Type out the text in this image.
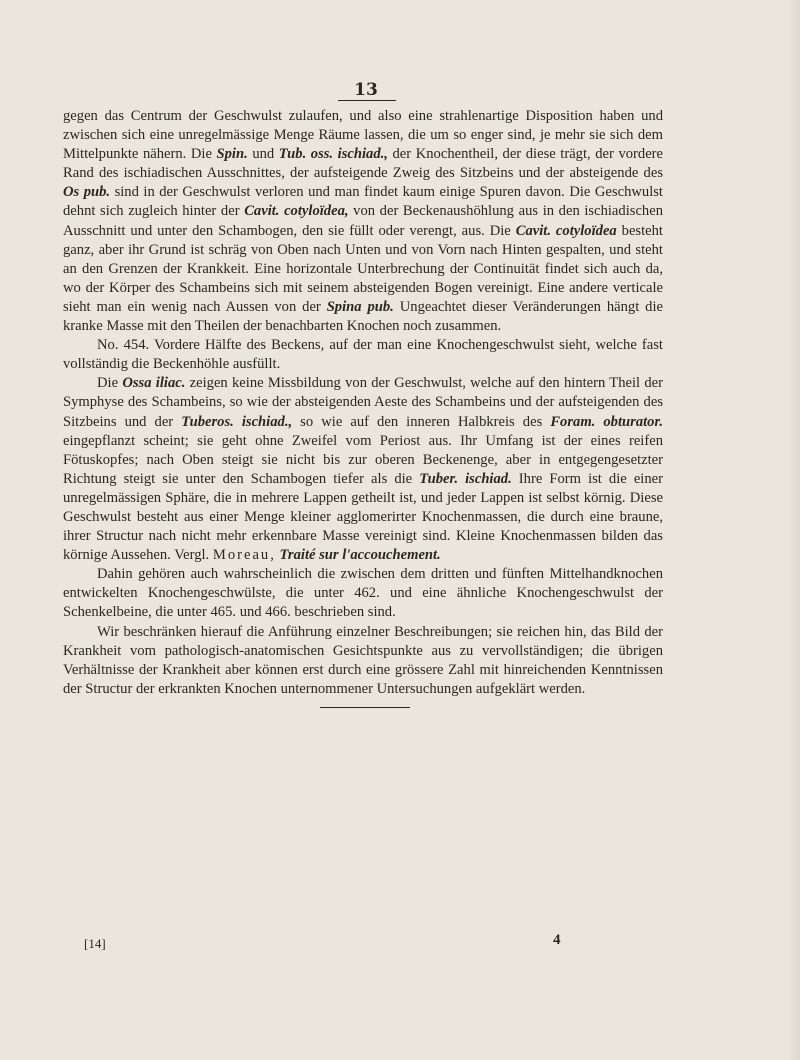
13

gegen das Centrum der Geschwulst zulaufen, und also eine strahlenartige Disposition haben und zwischen sich eine unregelmässige Menge Räume lassen, die um so enger sind, je mehr sie sich dem Mittelpunkte nähern. Die Spin. und Tub. oss. ischiad., der Knochentheil, der diese trägt, der vordere Rand des ischiadischen Ausschnittes, der aufsteigende Zweig des Sitzbeins und der absteigende des Os pub. sind in der Geschwulst verloren und man findet kaum einige Spuren davon. Die Geschwulst dehnt sich zugleich hinter der Cavit. cotyloïdea, von der Beckenaushöhlung aus in den ischiadischen Ausschnitt und unter den Schambogen, den sie füllt oder verengt, aus. Die Cavit. cotyloïdea besteht ganz, aber ihr Grund ist schräg von Oben nach Unten und von Vorn nach Hinten gespalten, und steht an den Grenzen der Krankkeit. Eine horizontale Unterbrechung der Continuität findet sich auch da, wo der Körper des Schambeins sich mit seinem absteigenden Bogen vereinigt. Eine andere verticale sieht man ein wenig nach Aussen von der Spina pub. Ungeachtet dieser Veränderungen hängt die kranke Masse mit den Theilen der benachbarten Knochen noch zusammen.

No. 454. Vordere Hälfte des Beckens, auf der man eine Knochengeschwulst sieht, welche fast vollständig die Beckenhöhle ausfüllt.

Die Ossa iliac. zeigen keine Missbildung von der Geschwulst, welche auf den hintern Theil der Symphyse des Schambeins, so wie der absteigenden Aeste des Schambeins und der aufsteigenden des Sitzbeins und der Tuberos. ischiad., so wie auf den inneren Halbkreis des Foram. obturator. eingepflanzt scheint; sie geht ohne Zweifel vom Periost aus. Ihr Umfang ist der eines reifen Fötuskopfes; nach Oben steigt sie nicht bis zur oberen Beckenenge, aber in entgegengesetzter Richtung steigt sie unter den Schambogen tiefer als die Tuber. ischiad. Ihre Form ist die einer unregelmässigen Sphäre, die in mehrere Lappen getheilt ist, und jeder Lappen ist selbst körnig. Diese Geschwulst besteht aus einer Menge kleiner agglomerirter Knochenmassen, die durch eine braune, ihrer Structur nach nicht mehr erkennbare Masse vereinigt sind. Kleine Knochenmassen bilden das körnige Aussehen. Vergl. Moreau, Traité sur l'accouchement.

Dahin gehören auch wahrscheinlich die zwischen dem dritten und fünften Mittelhandknochen entwickelten Knochengeschwülste, die unter 462. und eine ähnliche Knochengeschwulst der Schenkelbeine, die unter 465. und 466. beschrieben sind.

Wir beschränken hierauf die Anführung einzelner Beschreibungen; sie reichen hin, das Bild der Krankheit vom pathologisch-anatomischen Gesichtspunkte aus zu vervollständigen; die übrigen Verhältnisse der Krankheit aber können erst durch eine grössere Zahl mit hinreichenden Kenntnissen der Structur der erkrankten Knochen unternommener Untersuchungen aufgeklärt werden.

[14]	4
